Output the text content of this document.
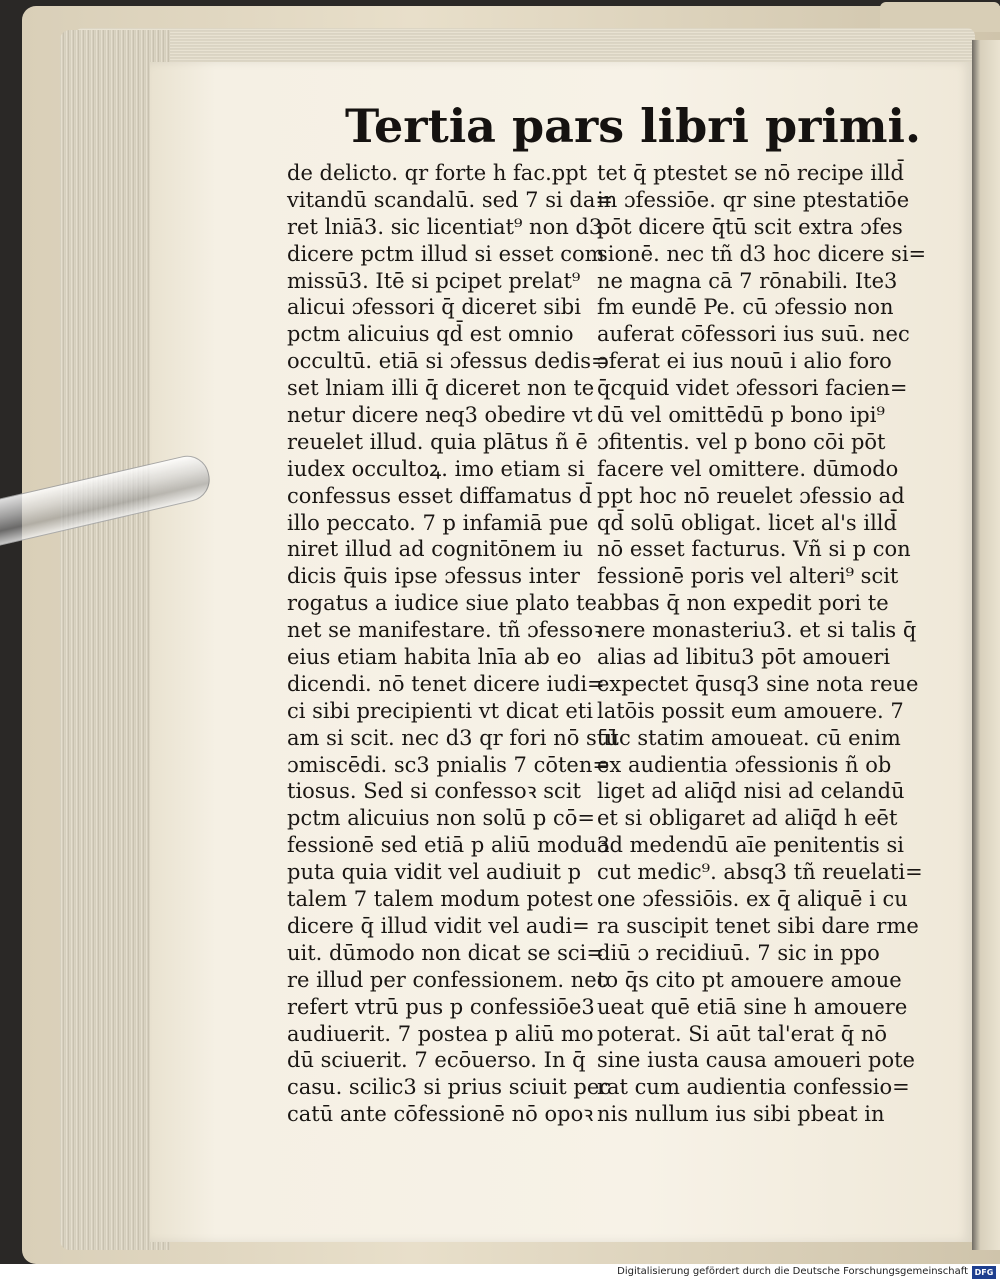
Tertia pars libri primi.
de delicto. qr forte h fac.ppt
vitandū scandalū. sed 7 si da=
ret lniā3. sic licentiat⁹ non d3
dicere pctm illud si esset com
missū3. Itē si pcipet prelat⁹
alicui ɔfessori q̄ diceret sibi
pctm alicuius qd̄ est omnio
occultū. etiā si ɔfessus dedis=
set lniam illi q̄ diceret non te
netur dicere neq3 obedire vt
reuelet illud. quia plātus ñ ē
iudex occultoꝝ. imo etiam si
confessus esset diffamatus d̄
illo peccato. 7 p infamiā pue
niret illud ad cognitōnem iu
dicis q̄uis ipse ɔfessus inter
rogatus a iudice siue plato te
net se manifestare. tñ ɔfessoꝛ
eius etiam habita lnīa ab eo
dicendi. nō tenet dicere iudi=
ci sibi precipienti vt dicat eti
am si scit. nec d3 qr fori nō sūt
ɔmiscēdi. sc3 pnialis 7 cōten=
tiosus. Sed si confessoꝛ scit
pctm alicuius non solū p cō=
fessionē sed etiā p aliū modu3
puta quia vidit vel audiuit p
talem 7 talem modum potest
dicere q̄ illud vidit vel audi=
uit. dūmodo non dicat se sci=
re illud per confessionem. nec
refert vtrū pus p confessiōe3
audiuerit. 7 postea p aliū mo
dū sciuerit. 7 ecōuerso. In q̄
casu. scilic3 si prius sciuit pec
catū ante cōfessionē nō opoꝛ
tet q̄ ptestet se nō recipe illd̄
in ɔfessiōe. qr sine ptestatiōe
pōt dicere q̄tū scit extra ɔfes
sionē. nec tñ d3 hoc dicere si=
ne magna cā 7 rōnabili. Ite3
fm eundē Pe. cū ɔfessio non
auferat cōfessori ius suū. nec
ɔferat ei ius nouū i alio foro
q̄cquid videt ɔfessori facien=
dū vel omittēdū p bono ipi⁹
ɔfitentis. vel p bono cōi pōt
facere vel omittere. dūmodo
ppt hoc nō reuelet ɔfessio ad
qd̄ solū obligat. licet al's illd̄
nō esset facturus. Vñ si p con
fessionē poris vel alteri⁹ scit
abbas q̄ non expedit pori te
nere monasteriu3. et si talis q̄
alias ad libitu3 pōt amoueri
expectet q̄usq3 sine nota reue
latōis possit eum amouere. 7
tūc statim amoueat. cū enim
ex audientia ɔfessionis ñ ob
liget ad aliq̄d nisi ad celandū
et si obligaret ad aliq̄d h eēt
ad medendū aīe penitentis si
cut medic⁹. absq3 tñ reuelati=
one ɔfessiōis. ex q̄ aliquē i cu
ra suscipit tenet sibi dare rme
diū ɔ recidiuū. 7 sic in ppo
to q̄s cito pt amouere amoue
ueat quē etiā sine h amouere
poterat. Si aūt tal'erat q̄ nō
sine iusta causa amoueri pote
rat cum audientia confessio=
nis nullum ius sibi pbeat in
Digitalisierung gefördert durch die Deutsche Forschungsgemeinschaft DFG
